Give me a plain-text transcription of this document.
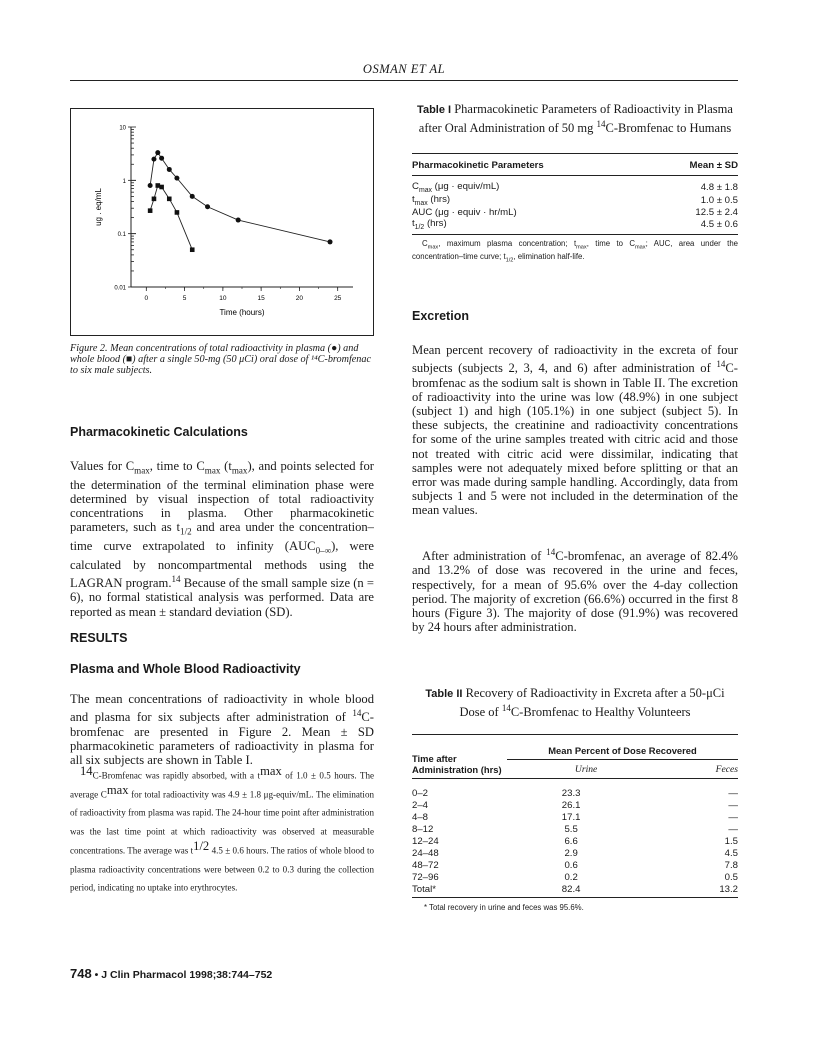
OSMAN ET AL
0.01
0.1
1
10
0	5	10	15	20	25
Time (hours)
ug . eq/mL
Figure 2. Mean concentrations of total radioactivity in plasma (●) and whole blood (■) after a single 50-mg (50 μCi) oral dose of ¹⁴C-bromfenac to six male subjects.
Pharmacokinetic Calculations

Values for $C_{max}$, time to $C_{max}$ $(t_{max})$, and points selected for the determination of the terminal elimination phase were determined by visual inspection of total radioactivity concentrations in plasma. Other pharmacokinetic parameters, such as $t_{1/2}$ and area under the concentration–time curve extrapolated to infinity $(AUC_{0-\infty})$, were calculated by noncompartmental methods using the LAGRAN program.$^{14}$ Because of the small sample size (n = 6), no formal statistical analysis was performed. Data are reported as mean ± standard deviation (SD).

RESULTS
Plasma and Whole Blood Radioactivity

The mean concentrations of radioactivity in whole blood and plasma for six subjects after administration of $^{14}$C-bromfenac are presented in Figure 2. Mean ± SD pharmacokinetic parameters of radioactivity in plasma for all six subjects are shown in Table I.

$14_{C-Bromfenac was rapidly absorbed, with a t}\max$ $_{of 1.0 \pm 0.5 hours. The average C}$max $_{for total radioactivity was 4.9 \pm 1.8 \mu g-equiv/mL. The elimination of radioactivity from plasma was rapid. The 24-hour time point after administration was the last time point at which radioactivity was observed at measurable concentrations. The average was t}$1/2 $_{4.5 \pm 0.6 hours. The ratios of whole blood to plasma radioactivity concentrations were between 0.2 to 0.3 during the collection period, indicating no uptake into erythrocytes.}$

Table I Pharmacokinetic Parameters of Radioactivity in Plasma after Oral Administration of 50 mg $^{14}$C-Bromfenac to Humans
Pharmacokinetic Parameters	Mean ± SD
$C_{max}$ (μg · equiv/mL)	4.8 ± 1.8
$t_{max}$ (hrs)	1.0 ± 0.5
AUC (μg · equiv · hr/mL)	12.5 ± 2.4
$t_{1/2}$ (hrs)	4.5 ± 0.6
$C_{max}$, maximum plasma concentration; $t_{max}$, time to $C_{max}$; AUC, area under the concentration–time curve; $t_{1/2}$, elimination half-life.
Excretion

Mean percent recovery of radioactivity in the excreta of four subjects (subjects 2, 3, 4, and 6) after administration of $^{14}$C-bromfenac as the sodium salt is shown in Table II. The excretion of radioactivity into the urine was low (48.9%) in one subject (subject 1) and high (105.1%) in one subject (subject 5). In these subjects, the creatinine and radioactivity concentrations for some of the urine samples treated with citric acid and those not treated with citric acid were dissimilar, indicating that samples were not adequately mixed before splitting or that an error was made during sample handling. Accordingly, data from subjects 1 and 5 were not included in the determination of the mean values.

After administration of $^{14}$C-bromfenac, an average of 82.4% and 13.2% of dose was recovered in the urine and feces, respectively, for a mean of 95.6% over the 4-day collection period. The majority of excretion (66.6%) occurred in the first 8 hours (Figure 3). The majority of dose (91.9%) was recovered by 24 hours after administration.

Table II Recovery of Radioactivity in Excreta after a 50-μCi Dose of $^{14}$C-Bromfenac to Healthy Volunteers
Time after Administration (hrs)	Mean Percent of Dose Recovered	
	Urine	Feces

0–2	23.3	—
2–4	26.1	—
4–8	17.1	—
8–12	5.5	—
12–24	6.6	1.5
24–48	2.9	4.5
48–72	0.6	7.8
72–96	0.2	0.5
Total*	82.4	13.2
* Total recovery in urine and feces was 95.6%.
748 • J Clin Pharmacol 1998;38:744–752
